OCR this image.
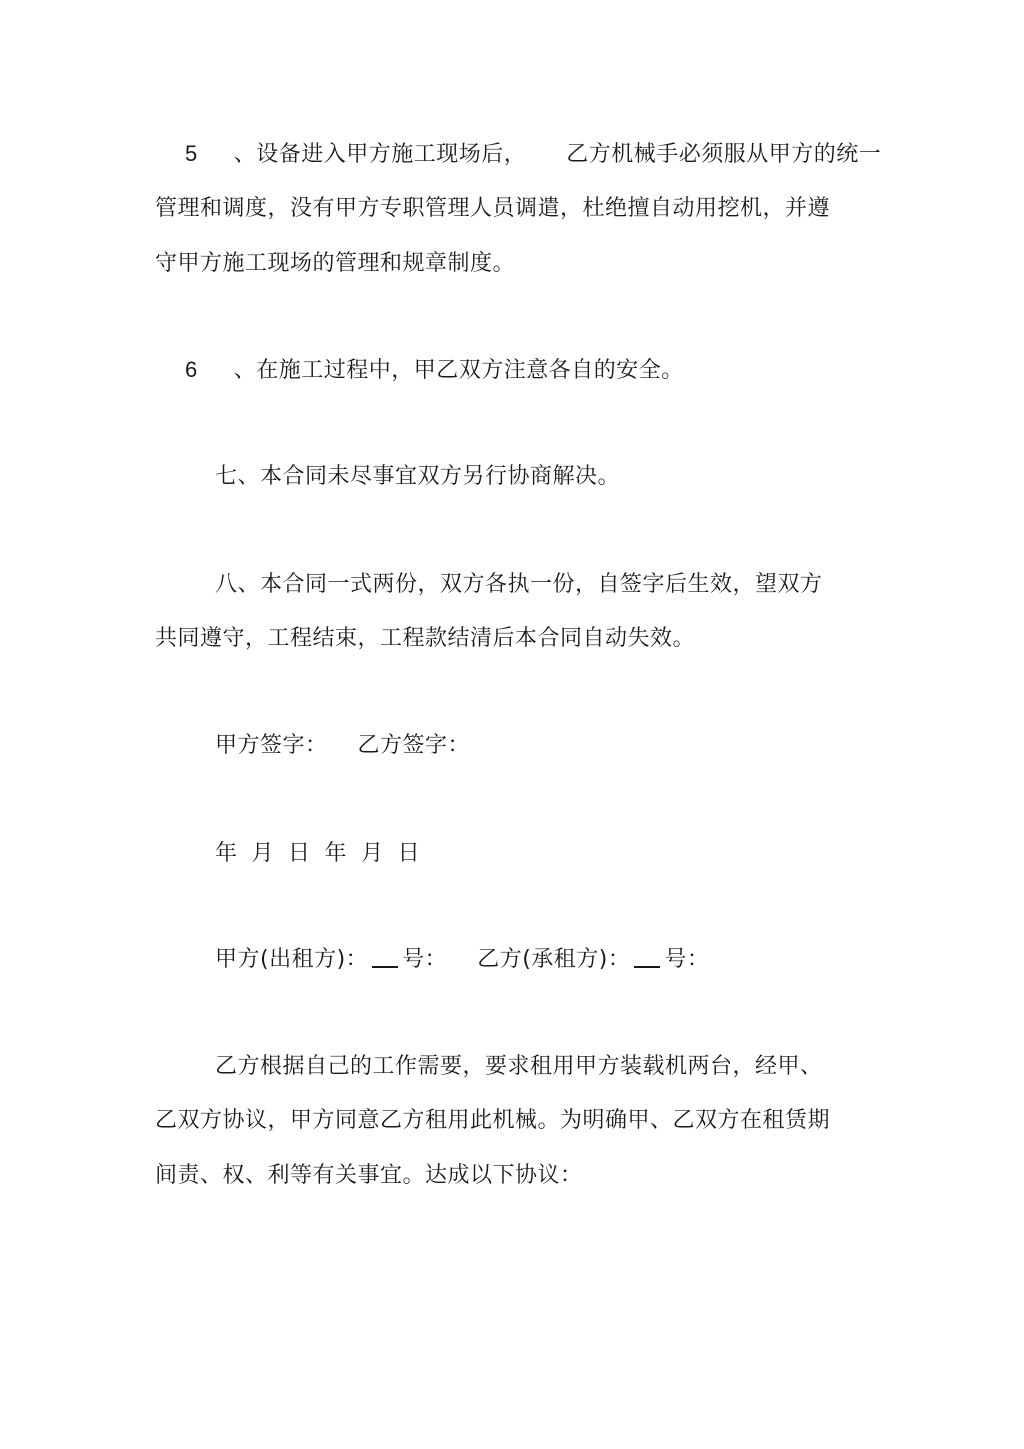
5 、设备进入甲方施工现场后， 乙方机械手必须服从甲方的统一
管理和调度，没有甲方专职管理人员调遣，杜绝擅自动用挖机，并遵
守甲方施工现场的管理和规章制度。
6 、在施工过程中，甲乙双方注意各自的安全。
七、本合同未尽事宜双方另行协商解决。
八、本合同一式两份，双方各执一份，自签字后生效，望双方
共同遵守，工程结束，工程款结清后本合同自动失效。
甲方签字： 乙方签字：
年 月 日 年 月 日
甲方(出租方)： 号： 乙方(承租方)： 号：
乙方根据自己的工作需要，要求租用甲方装载机两台，经甲、
乙双方协议，甲方同意乙方租用此机械。为明确甲、乙双方在租赁期
间责、权、利等有关事宜。达成以下协议：
